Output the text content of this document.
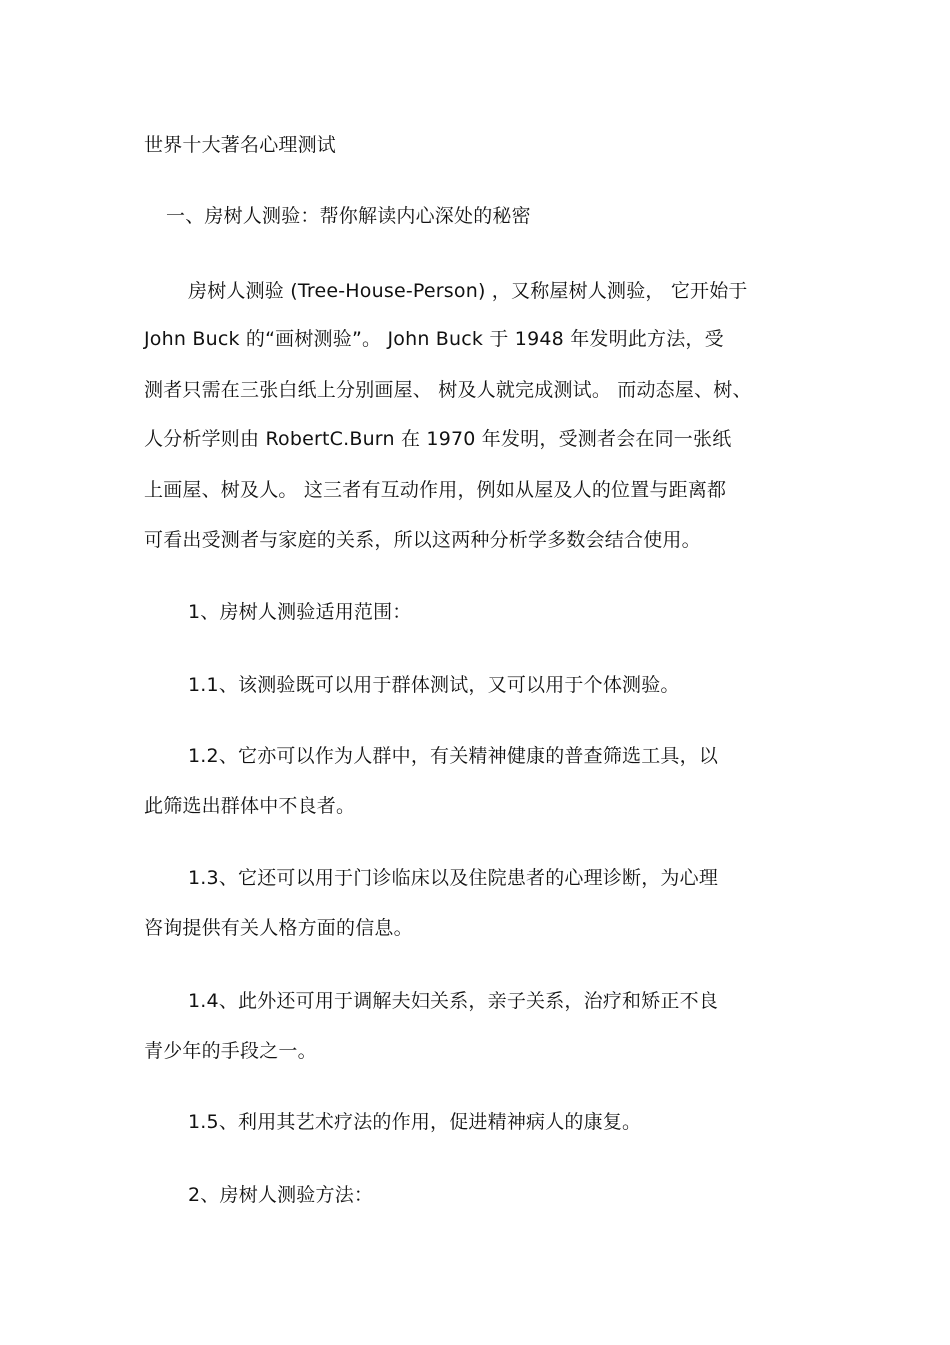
世界十大著名心理测试
一、房树人测验：帮你解读内心深处的秘密
房树人测验 (Tree-House-Person) ，又称屋树人测验， 它开始于
John Buck 的“画树测验”。 John Buck 于 1948 年发明此方法，受
测者只需在三张白纸上分别画屋、 树及人就完成测试。 而动态屋、树、
人分析学则由 RobertC.Burn 在 1970 年发明，受测者会在同一张纸
上画屋、树及人。 这三者有互动作用，例如从屋及人的位置与距离都
可看出受测者与家庭的关系，所以这两种分析学多数会结合使用。
1、房树人测验适用范围：
1.1、该测验既可以用于群体测试，又可以用于个体测验。
1.2、它亦可以作为人群中，有关精神健康的普查筛选工具，以
此筛选出群体中不良者。
1.3、它还可以用于门诊临床以及住院患者的心理诊断，为心理
咨询提供有关人格方面的信息。
1.4、此外还可用于调解夫妇关系，亲子关系，治疗和矫正不良
青少年的手段之一。
1.5、利用其艺术疗法的作用，促进精神病人的康复。
2、房树人测验方法：
